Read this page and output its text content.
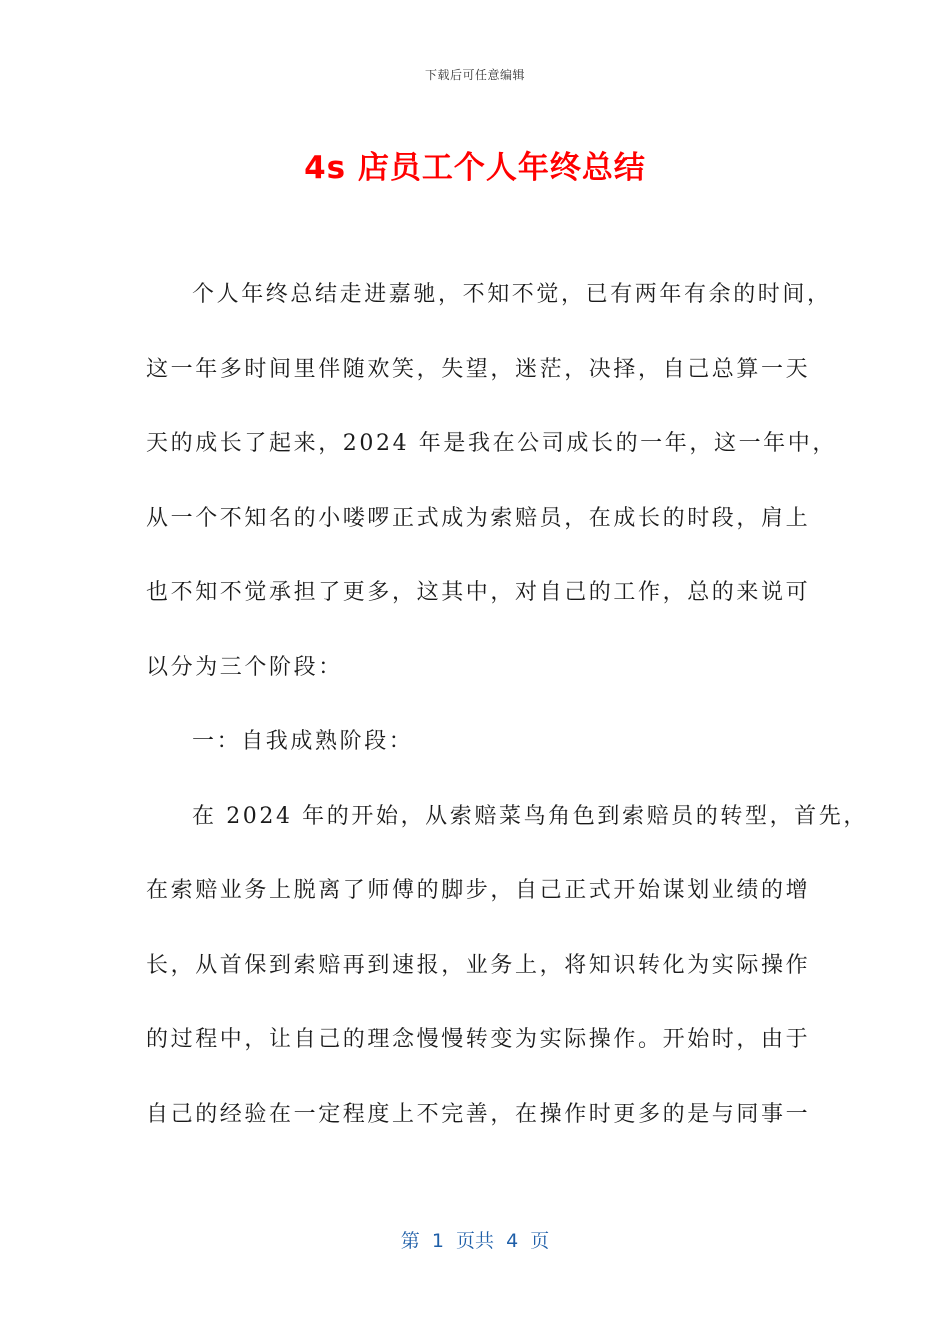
下载后可任意编辑
4s 店员工个人年终总结
个人年终总结走进嘉驰，不知不觉，已有两年有余的时间，
这一年多时间里伴随欢笑，失望，迷茫，决择，自己总算一天
天的成长了起来，2024 年是我在公司成长的一年，这一年中，
从一个不知名的小喽啰正式成为索赔员，在成长的时段，肩上
也不知不觉承担了更多，这其中，对自己的工作，总的来说可
以分为三个阶段：
一：自我成熟阶段：
在 2024 年的开始，从索赔菜鸟角色到索赔员的转型，首先，
在索赔业务上脱离了师傅的脚步，自己正式开始谋划业绩的增
长，从首保到索赔再到速报，业务上，将知识转化为实际操作
的过程中，让自己的理念慢慢转变为实际操作。开始时，由于
自己的经验在一定程度上不完善，在操作时更多的是与同事一
第  1  页共  4  页
